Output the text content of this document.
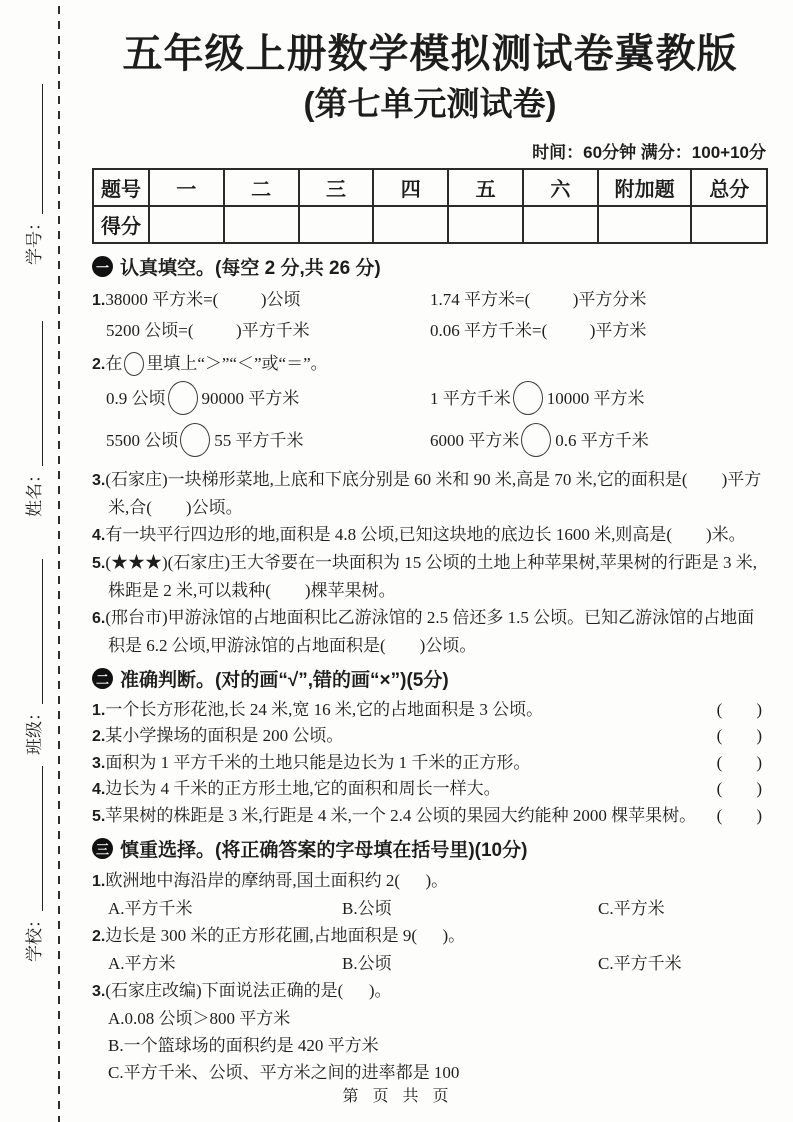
学号：
姓名：
班级：
学校：
五年级上册数学模拟测试卷冀教版
(第七单元测试卷)
时间：60分钟 满分：100+10分
题号	一	二	三	四	五	六	附加题	总分
得分								
一 认真填空。(每空 2 分,共 26 分)
1.38000 平方米=(          )公顷	1.74 平方米=(          )平方分米
5200 公顷=(          )平方千米	0.06 平方千米=(          )平方米
2.在 里填上“＞”“＜”或“＝”。
0.9 公顷 90000 平方米	1 平方千米 10000 平方米
5500 公顷 55 平方千米	6000 平方米 0.6 平方千米
3.(石家庄)一块梯形菜地,上底和下底分别是 60 米和 90 米,高是 70 米,它的面积是(        )平方米,合(        )公顷。
4.有一块平行四边形的地,面积是 4.8 公顷,已知这块地的底边长 1600 米,则高是(        )米。
5.(★★★)(石家庄)王大爷要在一块面积为 15 公顷的土地上种苹果树,苹果树的行距是 3 米,株距是 2 米,可以栽种(        )棵苹果树。
6.(邢台市)甲游泳馆的占地面积比乙游泳馆的 2.5 倍还多 1.5 公顷。已知乙游泳馆的占地面积是 6.2 公顷,甲游泳馆的占地面积是(        )公顷。
二 准确判断。(对的画“√”,错的画“×”)(5分)
1.一个长方形花池,长 24 米,宽 16 米,它的占地面积是 3 公顷。	(        )
2.某小学操场的面积是 200 公顷。	(        )
3.面积为 1 平方千米的土地只能是边长为 1 千米的正方形。	(        )
4.边长为 4 千米的正方形土地,它的面积和周长一样大。	(        )
5.苹果树的株距是 3 米,行距是 4 米,一个 2.4 公顷的果园大约能种 2000 棵苹果树。 (        )
三 慎重选择。(将正确答案的字母填在括号里)(10分)
1.欧洲地中海沿岸的摩纳哥,国土面积约 2(      )。
A.平方千米	B.公顷	C.平方米
2.边长是 300 米的正方形花圃,占地面积是 9(      )。
A.平方米	B.公顷	C.平方千米
3.(石家庄改编)下面说法正确的是(      )。
A.0.08 公顷＞800 平方米
B.一个篮球场的面积约是 420 平方米
C.平方千米、公顷、平方米之间的进率都是 100
第  页  共  页
